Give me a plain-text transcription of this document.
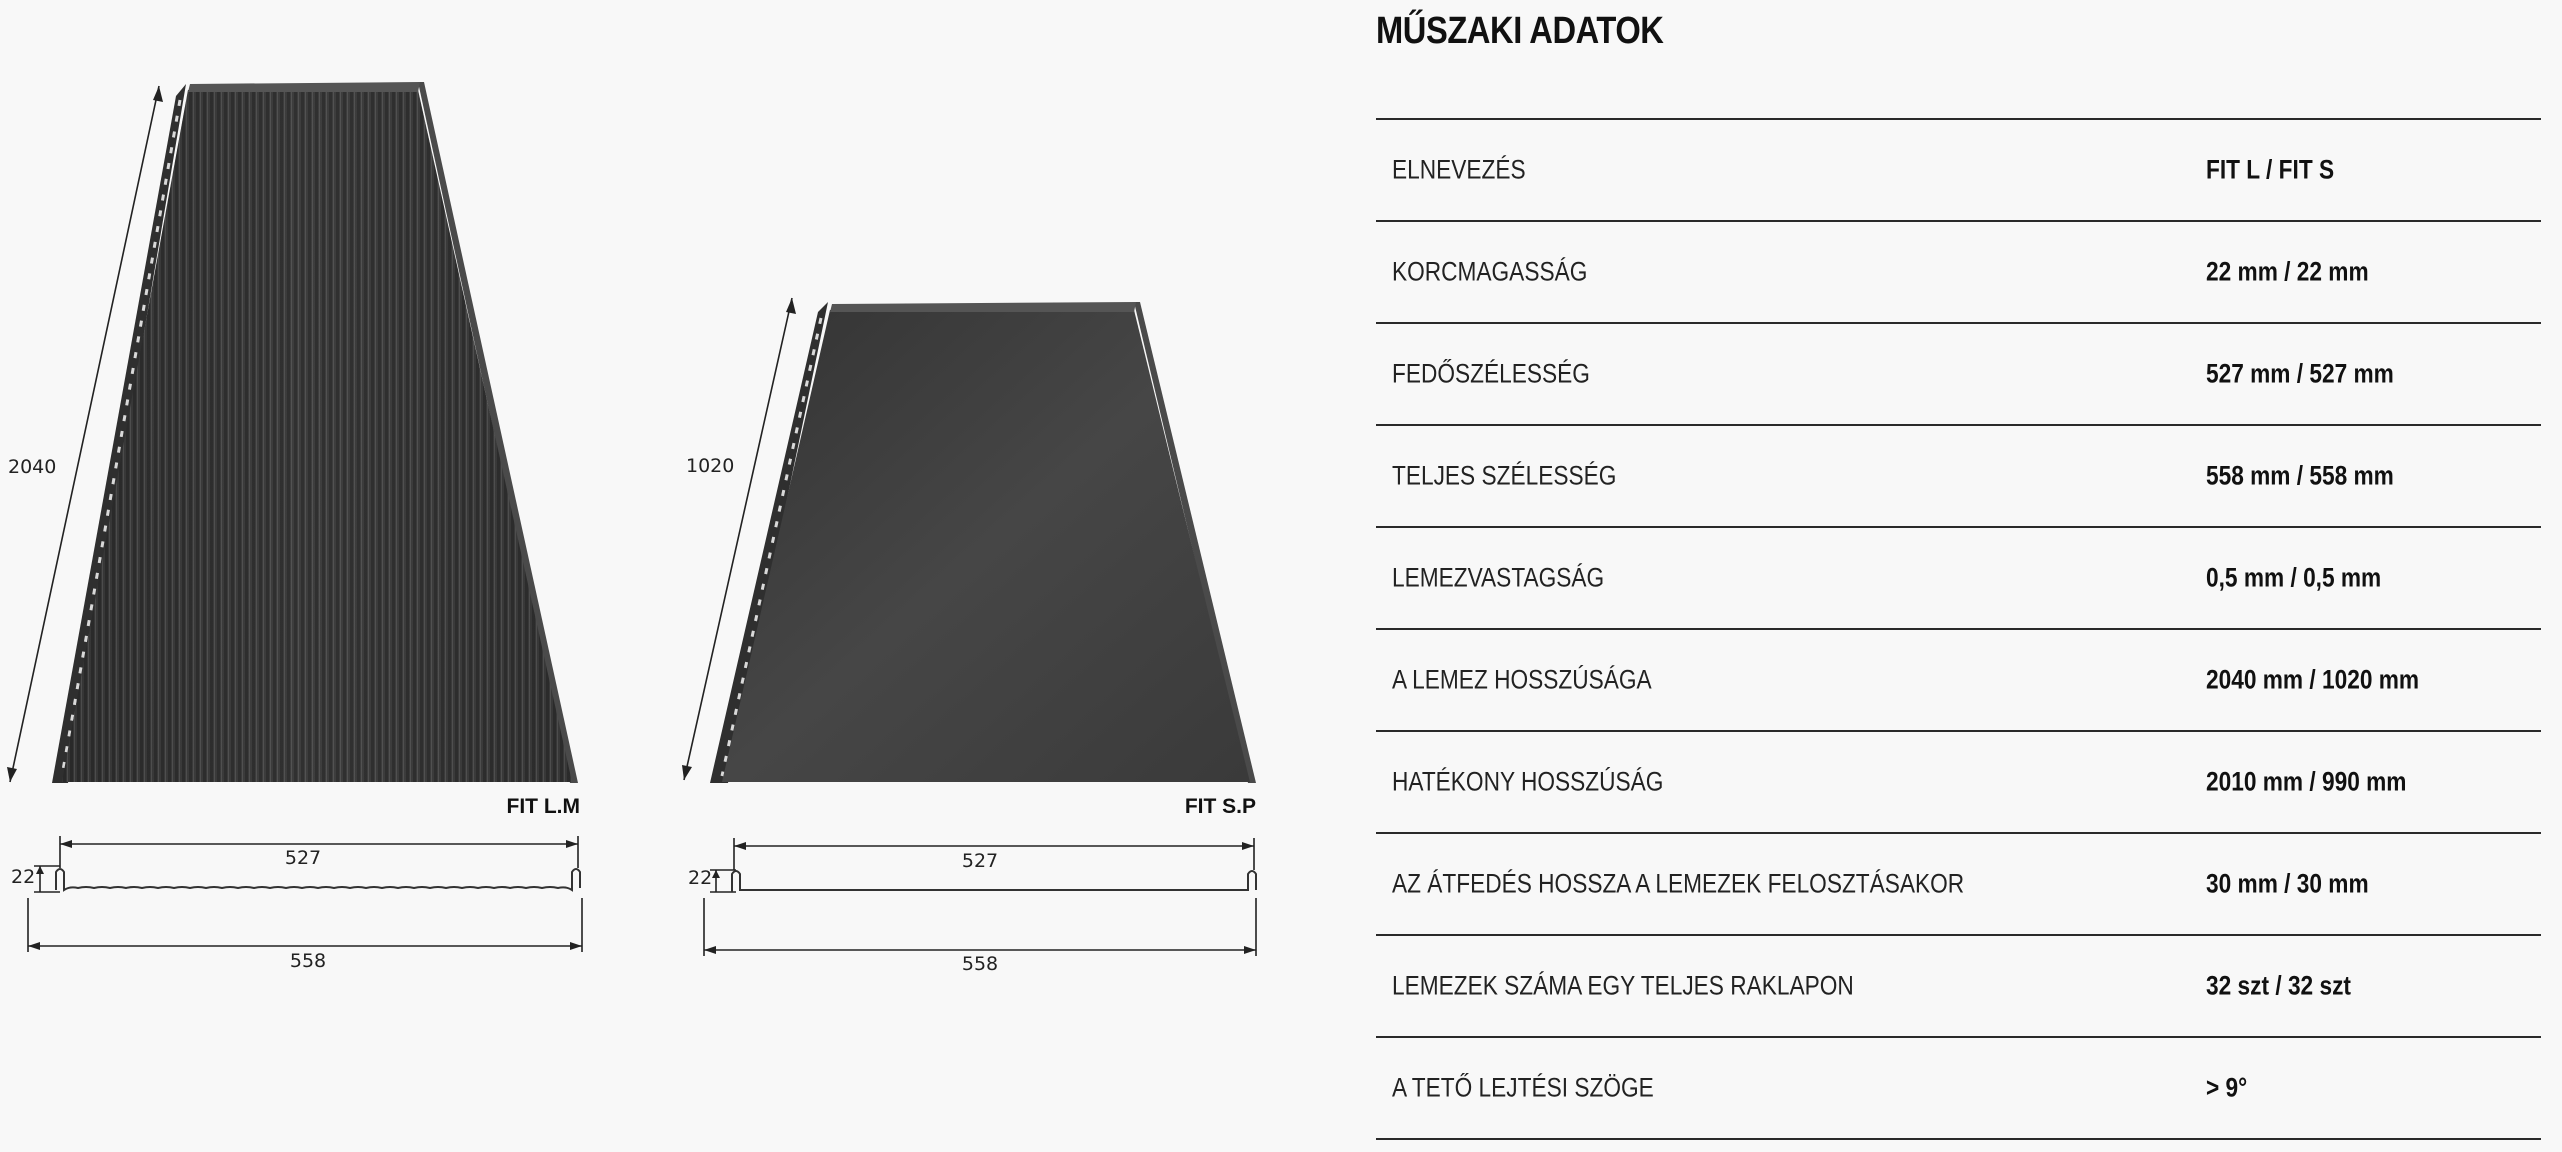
2040
FIT L.M
527
22
558
1020
FIT S.P
527
22
558
MŰSZAKI ADATOK
ELNEVEZÉS	FIT L / FIT S
KORCMAGASSÁG	22 mm / 22 mm
FEDŐSZÉLESSÉG	527 mm / 527 mm
TELJES SZÉLESSÉG	558 mm / 558 mm
LEMEZVASTAGSÁG	0,5 mm / 0,5 mm
A LEMEZ HOSSZÚSÁGA	2040 mm / 1020 mm
HATÉKONY HOSSZÚSÁG	2010 mm / 990 mm
AZ ÁTFEDÉS HOSSZA A LEMEZEK FELOSZTÁSAKOR	30 mm / 30 mm
LEMEZEK SZÁMA EGY TELJES RAKLAPON	32 szt / 32 szt
A TETŐ LEJTÉSI SZÖGE	> 9°
